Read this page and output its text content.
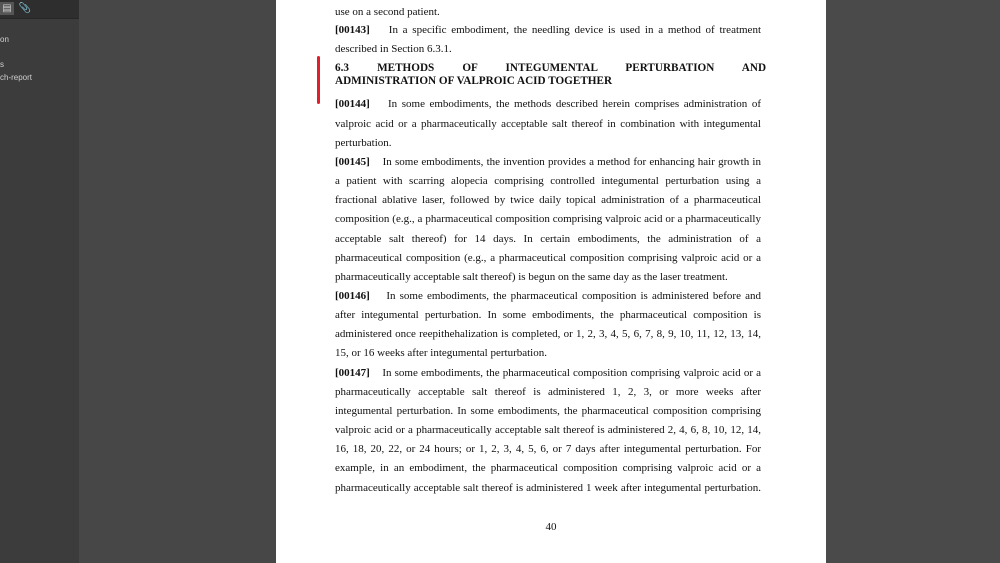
▤ 📎
on
s
ch-report
6.3	METHODS	OF	INTEGUMENTAL	PERTURBATION AND
ADMINISTRATION OF VALPROIC ACID TOGETHER
40
use on a second patient.
[00143]    In a specific embodiment, the needling device is used in a method of treatment
described in Section 6.3.1.
[00144]    In some embodiments, the methods described herein comprises administration of
valproic acid or a pharmaceutically acceptable salt thereof in combination with integumental
perturbation.
[00145]    In some embodiments, the invention provides a method for enhancing hair growth in
a patient with scarring alopecia comprising controlled integumental perturbation using a
fractional ablative laser, followed by twice daily topical administration of a pharmaceutical
composition (e.g., a pharmaceutical composition comprising valproic acid or a pharmaceutically
acceptable salt thereof) for 14 days. In certain embodiments, the administration of a
pharmaceutical composition (e.g., a pharmaceutical composition comprising valproic acid or a
pharmaceutically acceptable salt thereof) is begun on the same day as the laser treatment.
[00146]    In some embodiments, the pharmaceutical composition is administered before and
after integumental perturbation. In some embodiments, the pharmaceutical composition is
administered once reepithehalization is completed, or 1, 2, 3, 4, 5, 6, 7, 8, 9, 10, 11, 12, 13, 14,
15, or 16 weeks after integumental perturbation.
[00147]    In some embodiments, the pharmaceutical composition comprising valproic acid or a
pharmaceutically acceptable salt thereof is administered 1, 2, 3, or more weeks after
integumental perturbation. In some embodiments, the pharmaceutical composition comprising
valproic acid or a pharmaceutically acceptable salt thereof is administered 2, 4, 6, 8, 10, 12, 14,
16, 18, 20, 22, or 24 hours; or 1, 2, 3, 4, 5, 6, or 7 days after integumental perturbation. For
example, in an embodiment, the pharmaceutical composition comprising valproic acid or a
pharmaceutically acceptable salt thereof is administered 1 week after integumental perturbation.
